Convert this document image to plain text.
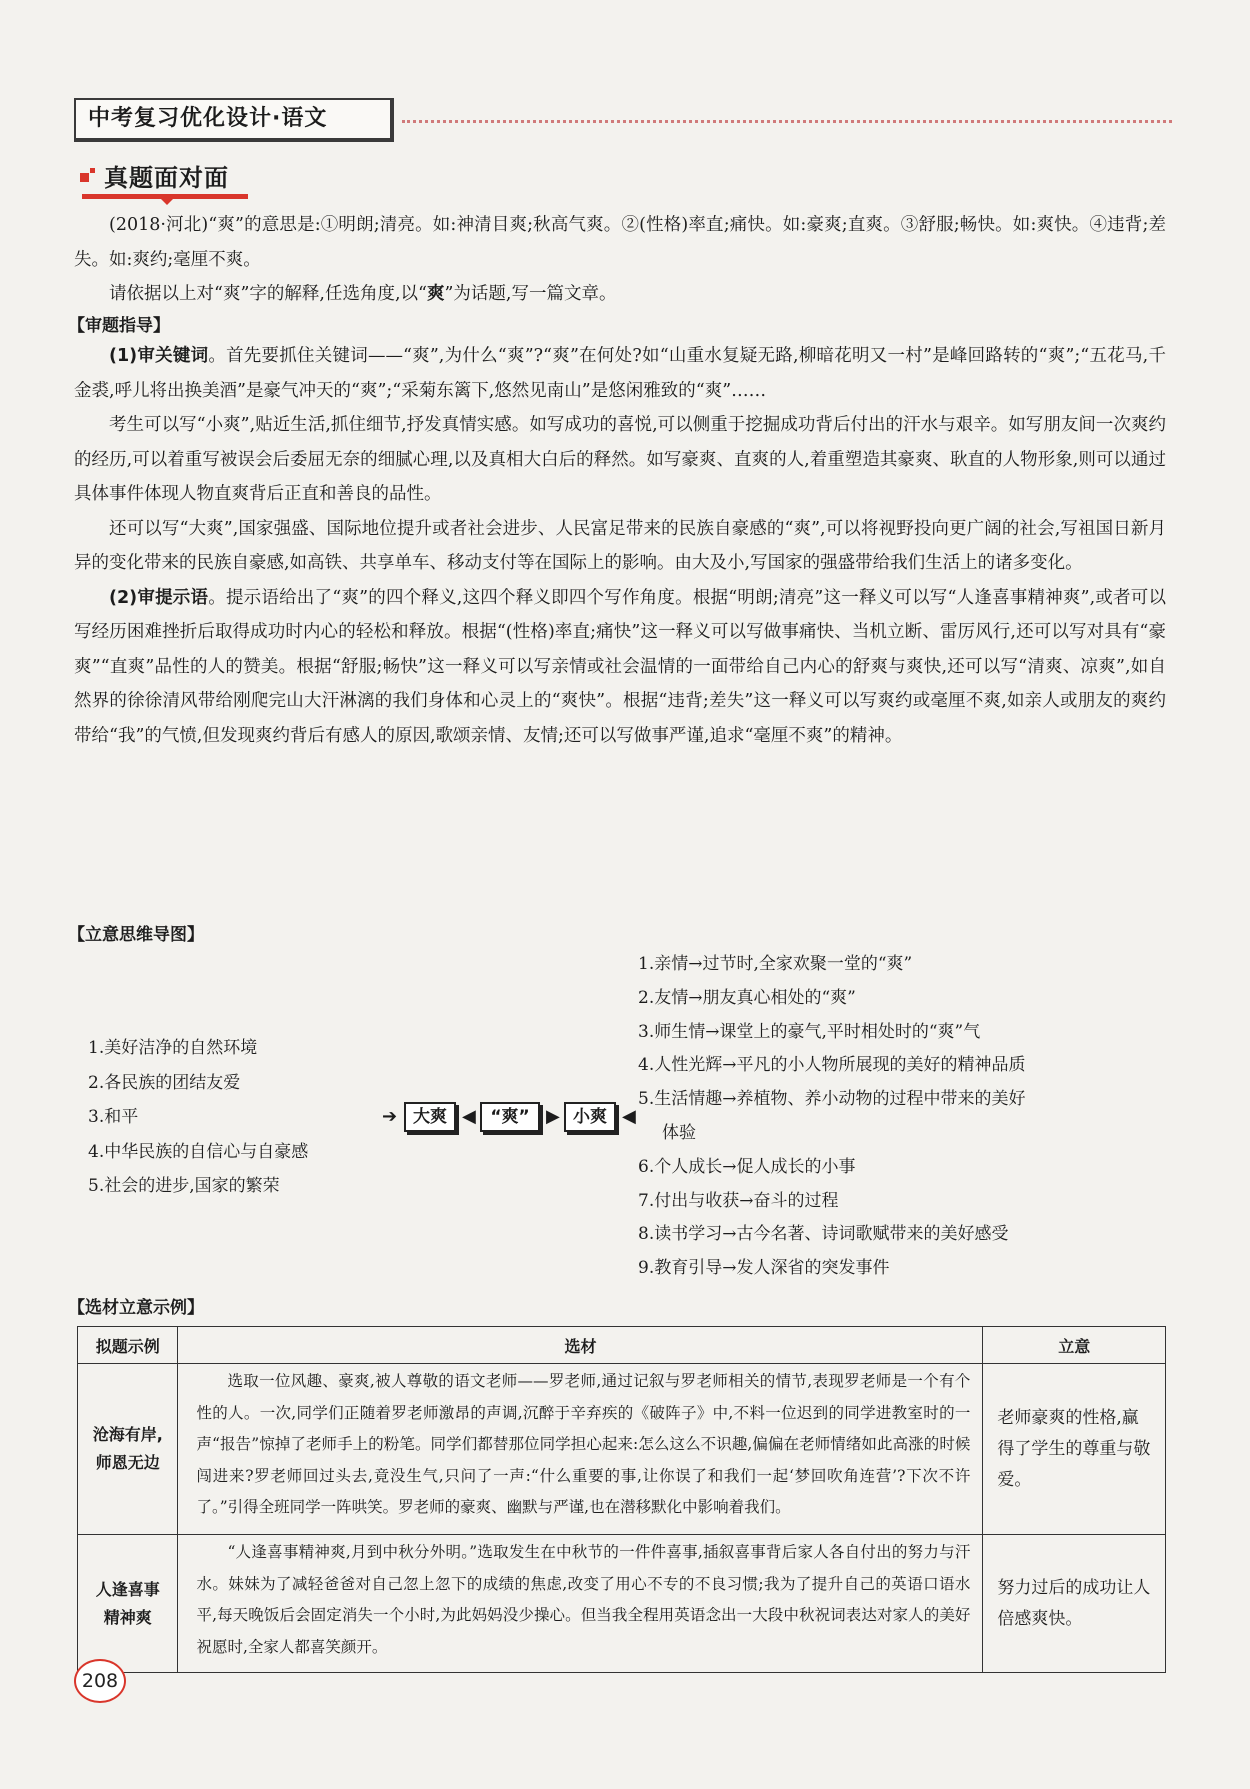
中考复习优化设计·语文
真题面对面

(2018·河北)“爽”的意思是:①明朗;清亮。如:神清目爽;秋高气爽。②(性格)率直;痛快。如:豪爽;直爽。③舒服;畅快。如:爽快。④违背;差失。如:爽约;毫厘不爽。

请依据以上对“爽”字的解释,任选角度,以“爽”为话题,写一篇文章。

【审题指导】

(1)审关键词。首先要抓住关键词——“爽”,为什么“爽”?“爽”在何处?如“山重水复疑无路,柳暗花明又一村”是峰回路转的“爽”;“五花马,千金裘,呼儿将出换美酒”是豪气冲天的“爽”;“采菊东篱下,悠然见南山”是悠闲雅致的“爽”……

考生可以写“小爽”,贴近生活,抓住细节,抒发真情实感。如写成功的喜悦,可以侧重于挖掘成功背后付出的汗水与艰辛。如写朋友间一次爽约的经历,可以着重写被误会后委屈无奈的细腻心理,以及真相大白后的释然。如写豪爽、直爽的人,着重塑造其豪爽、耿直的人物形象,则可以通过具体事件体现人物直爽背后正直和善良的品性。

还可以写“大爽”,国家强盛、国际地位提升或者社会进步、人民富足带来的民族自豪感的“爽”,可以将视野投向更广阔的社会,写祖国日新月异的变化带来的民族自豪感,如高铁、共享单车、移动支付等在国际上的影响。由大及小,写国家的强盛带给我们生活上的诸多变化。

(2)审提示语。提示语给出了“爽”的四个释义,这四个释义即四个写作角度。根据“明朗;清亮”这一释义可以写“人逢喜事精神爽”,或者可以写经历困难挫折后取得成功时内心的轻松和释放。根据“(性格)率直;痛快”这一释义可以写做事痛快、当机立断、雷厉风行,还可以写对具有“豪爽”“直爽”品性的人的赞美。根据“舒服;畅快”这一释义可以写亲情或社会温情的一面带给自己内心的舒爽与爽快,还可以写“清爽、凉爽”,如自然界的徐徐清风带给刚爬完山大汗淋漓的我们身体和心灵上的“爽快”。根据“违背;差失”这一释义可以写爽约或毫厘不爽,如亲人或朋友的爽约带给“我”的气愤,但发现爽约背后有感人的原因,歌颂亲情、友情;还可以写做事严谨,追求“毫厘不爽”的精神。

【立意思维导图】
1.美好洁净的自然环境
2.各民族的团结友爱
3.和平
4.中华民族的自信心与自豪感
5.社会的进步,国家的繁荣
➔ 大爽 ◀ “爽” ▶ 小爽 ◀
1.亲情→过节时,全家欢聚一堂的“爽”
2.友情→朋友真心相处的“爽”
3.师生情→课堂上的豪气,平时相处时的“爽”气
4.人性光辉→平凡的小人物所展现的美好的精神品质
5.生活情趣→养植物、养小动物的过程中带来的美好
体验
6.个人成长→促人成长的小事
7.付出与收获→奋斗的过程
8.读书学习→古今名著、诗词歌赋带来的美好感受
9.教育引导→发人深省的突发事件
【选材立意示例】
拟题示例	选材	立意

沧海有岸,
师恩无边	选取一位风趣、豪爽,被人尊敬的语文老师——罗老师,通过记叙与罗老师相关的情节,表现罗老师是一个有个性的人。一次,同学们正随着罗老师激昂的声调,沉醉于辛弃疾的《破阵子》中,不料一位迟到的同学进教室时的一声“报告”惊掉了老师手上的粉笔。同学们都替那位同学担心起来:怎么这么不识趣,偏偏在老师情绪如此高涨的时候闯进来?罗老师回过头去,竟没生气,只问了一声:“什么重要的事,让你误了和我们一起‘梦回吹角连营’?下次不许了。”引得全班同学一阵哄笑。罗老师的豪爽、幽默与严谨,也在潜移默化中影响着我们。	老师豪爽的性格,赢得了学生的尊重与敬爱。

人逢喜事
精神爽	“人逢喜事精神爽,月到中秋分外明。”选取发生在中秋节的一件件喜事,插叙喜事背后家人各自付出的努力与汗水。妹妹为了减轻爸爸对自己忽上忽下的成绩的焦虑,改变了用心不专的不良习惯;我为了提升自己的英语口语水平,每天晚饭后会固定消失一个小时,为此妈妈没少操心。但当我全程用英语念出一大段中秋祝词表达对家人的美好祝愿时,全家人都喜笑颜开。	努力过后的成功让人倍感爽快。
208
